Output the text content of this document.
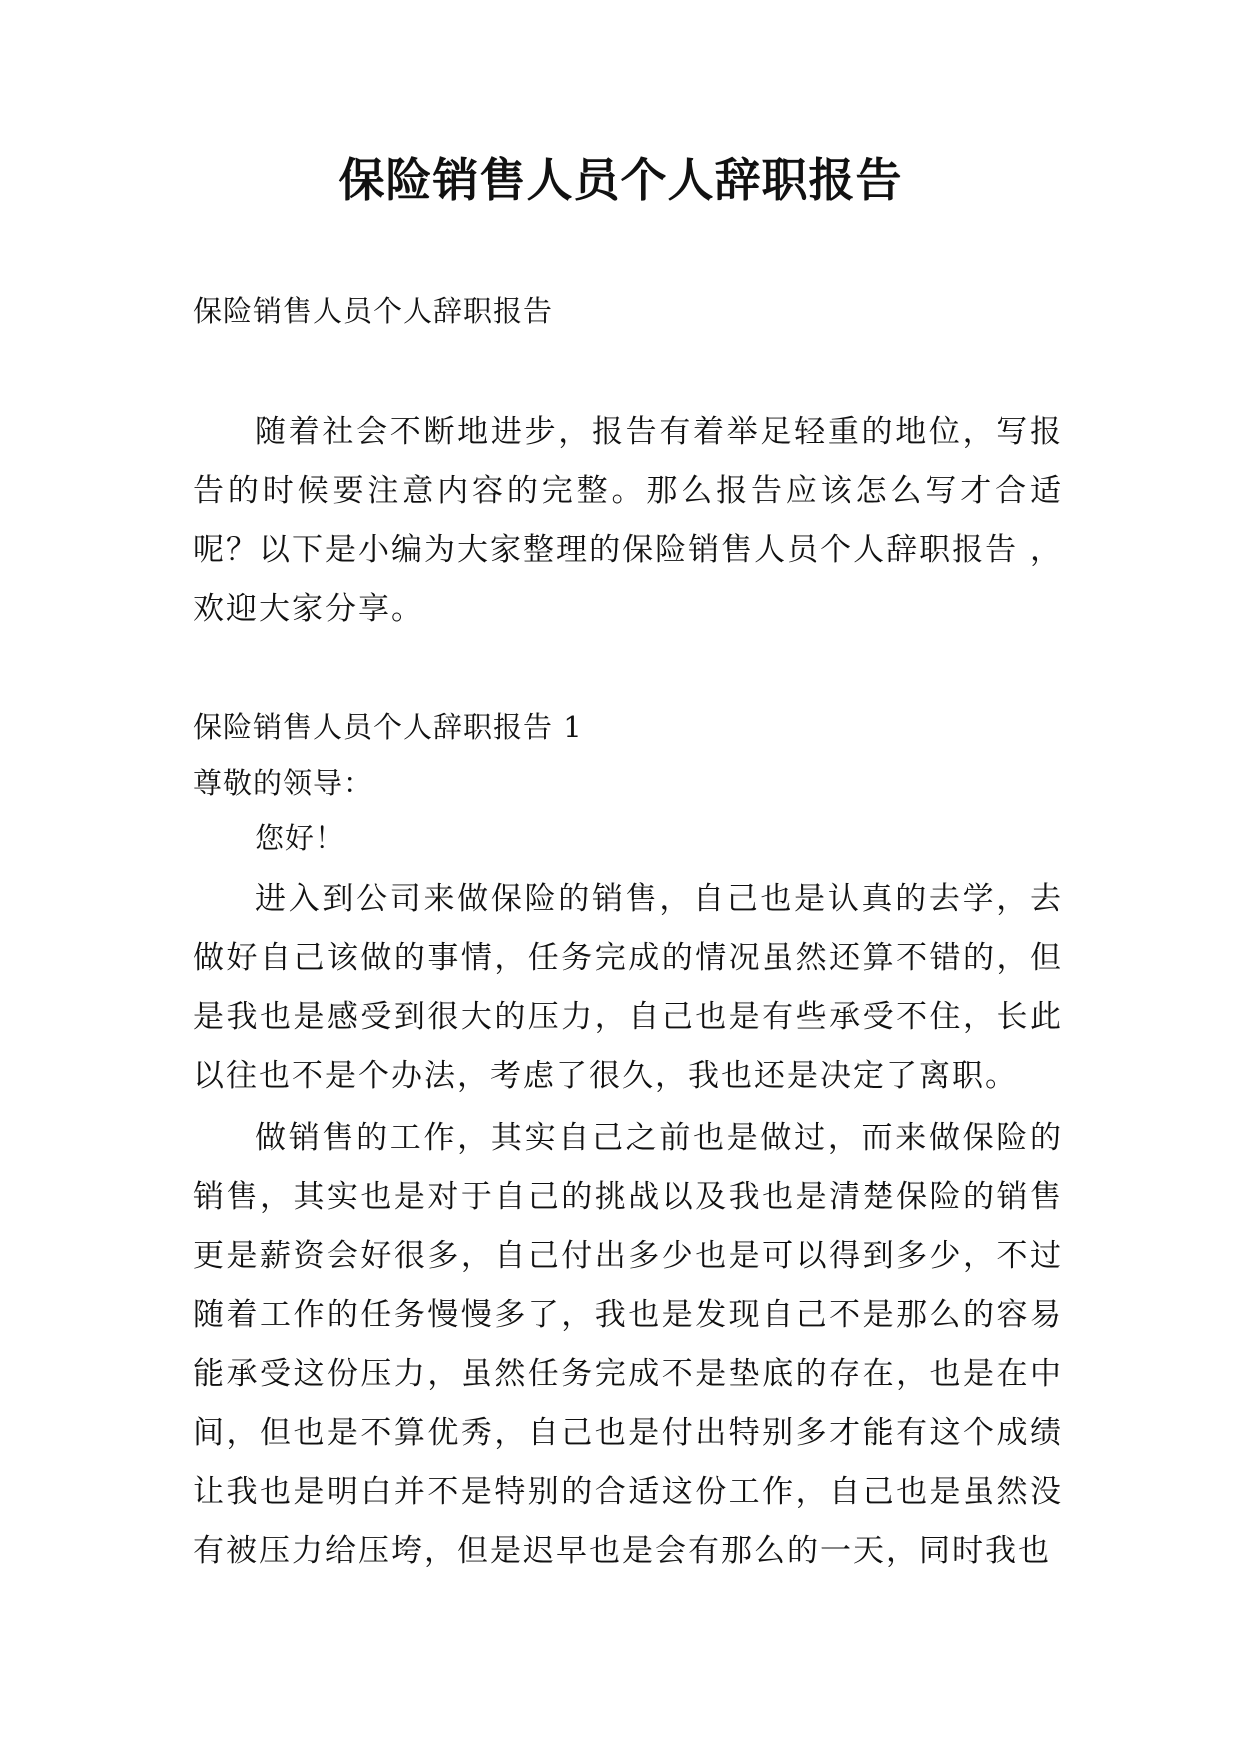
保险销售人员个人辞职报告

保险销售人员个人辞职报告

随着社会不断地进步，报告有着举足轻重的地位，写报告的时候要注意内容的完整。那么报告应该怎么写才合适呢？以下是小编为大家整理的保险销售人员个人辞职报告 ，欢迎大家分享。

保险销售人员个人辞职报告 1

尊敬的领导：

您好！

进入到公司来做保险的销售，自己也是认真的去学，去做好自己该做的事情，任务完成的情况虽然还算不错的，但是我也是感受到很大的压力，自己也是有些承受不住，长此以往也不是个办法，考虑了很久，我也还是决定了离职。

做销售的工作，其实自己之前也是做过，而来做保险的销售，其实也是对于自己的挑战以及我也是清楚保险的销售更是薪资会好很多，自己付出多少也是可以得到多少，不过随着工作的任务慢慢多了，我也是发现自己不是那么的容易能承受这份压力，虽然任务完成不是垫底的存在，也是在中间，但也是不算优秀，自己也是付出特别多才能有这个成绩让我也是明白并不是特别的合适这份工作，自己也是虽然没有被压力给压垮，但是迟早也是会有那么的一天，同时我也
